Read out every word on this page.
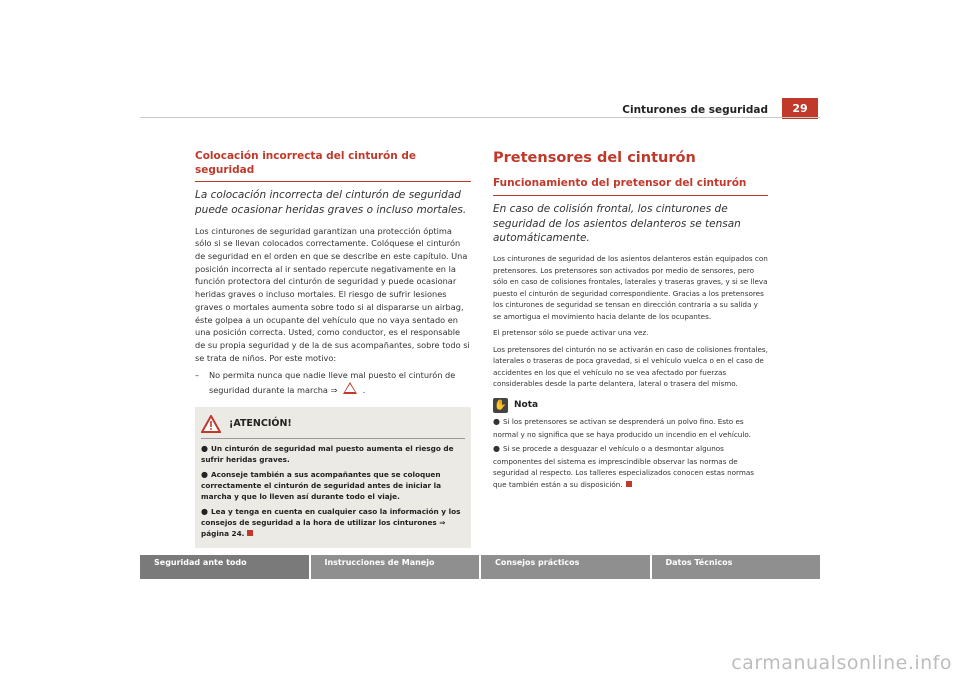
Cinturones de seguridad	29
Colocación incorrecta del cinturón de seguridad

La colocación incorrecta del cinturón de seguridad puede ocasionar heridas graves o incluso mortales.

Los cinturones de seguridad garantizan una protección óptima sólo si se llevan colocados correctamente. Colóquese el cinturón de seguridad en el orden en que se describe en este capítulo. Una posición incorrecta al ir sentado repercute negativamente en la función protectora del cinturón de seguridad y puede ocasionar heridas graves o incluso mortales. El riesgo de sufrir lesiones graves o mortales aumenta sobre todo si al dispararse un airbag, éste golpea a un ocupante del vehículo que no vaya sentado en una posición correcta. Usted, como conductor, es el responsable de su propia seguridad y de la de sus acompañantes, sobre todo si se trata de niños. Por este motivo:

– No permita nunca que nadie lleve mal puesto el cinturón de seguridad durante la marcha ⇒	.

¡ATENCIÓN!

● Un cinturón de seguridad mal puesto aumenta el riesgo de sufrir heridas graves.

● Aconseje también a sus acompañantes que se coloquen correctamente el cinturón de seguridad antes de iniciar la marcha y que lo lleven así durante todo el viaje.

● Lea y tenga en cuenta en cualquier caso la información y los consejos de seguridad a la hora de utilizar los cinturones ⇒ página 24.

Pretensores del cinturón
Funcionamiento del pretensor del cinturón

En caso de colisión frontal, los cinturones de seguridad de los asientos delanteros se tensan automáticamente.

Los cinturones de seguridad de los asientos delanteros están equipados con pretensores. Los pretensores son activados por medio de sensores, pero sólo en caso de colisiones frontales, laterales y traseras graves, y si se lleva puesto el cinturón de seguridad correspondiente. Gracias a los pretensores los cinturones de seguridad se tensan en dirección contraria a su salida y se amortigua el movimiento hacia delante de los ocupantes.

El pretensor sólo se puede activar una vez.

Los pretensores del cinturón no se activarán en caso de colisiones frontales, laterales o traseras de poca gravedad, si el vehículo vuelca o en el caso de accidentes en los que el vehículo no se vea afectado por fuerzas considerables desde la parte delantera, lateral o trasera del mismo.

✋ Nota

● Si los pretensores se activan se desprenderá un polvo fino. Esto es normal y no significa que se haya producido un incendio en el vehículo.

● Si se procede a desguazar el vehículo o a desmontar algunos componentes del sistema es imprescindible observar las normas de seguridad al respecto. Los talleres especializados conocen estas normas que también están a su disposición.

Seguridad ante todo	Instrucciones de Manejo	Consejos prácticos	Datos Técnicos
carmanualsonline.info
